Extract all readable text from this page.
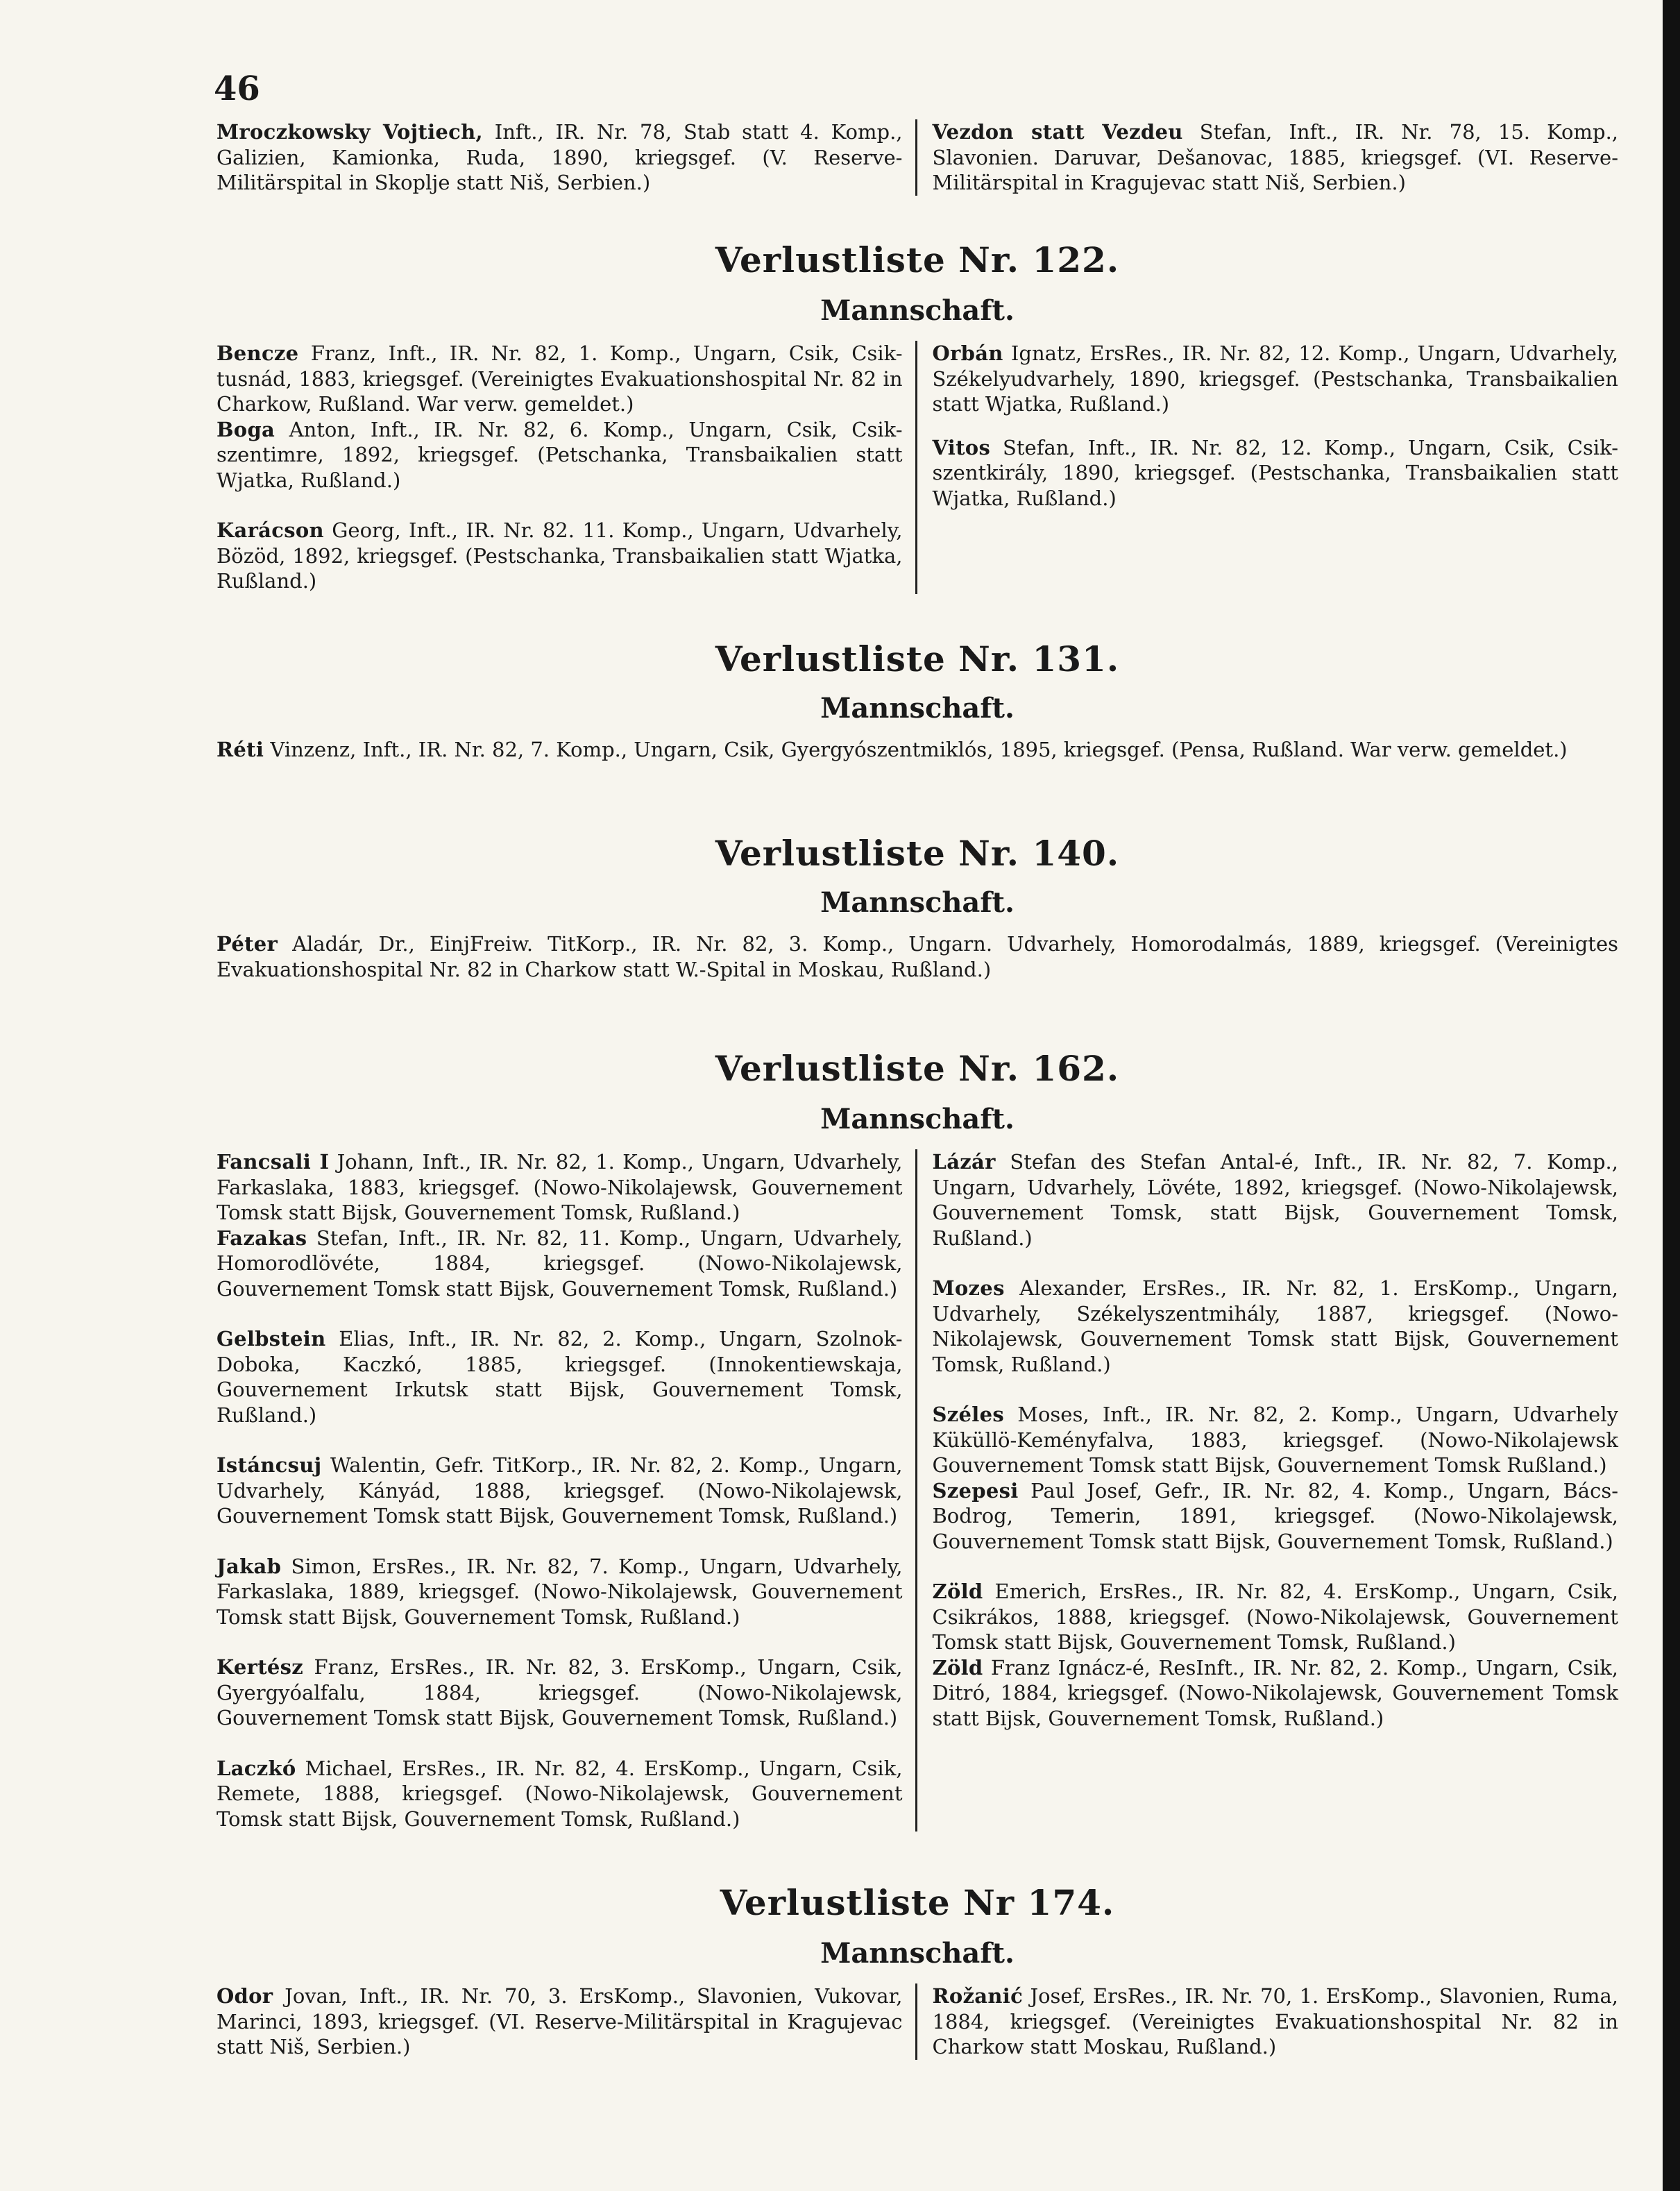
46

Mroczkowsky Vojtiech, Inft., IR. Nr. 78, Stab statt 4. Komp., Galizien, Kamionka, Ruda, 1890, kriegsgef. (V. Reserve-Militärspital in Skoplje statt Niš, Serbien.)

Vezdon statt Vezdeu Stefan, Inft., IR. Nr. 78, 15. Komp., Slavonien. Daruvar, Dešanovac, 1885, kriegsgef. (VI. Reserve-Militärspital in Kragujevac statt Niš, Serbien.)

Verlustliste Nr. 122.

Mannschaft.

Bencze Franz, Inft., IR. Nr. 82, 1. Komp., Ungarn, Csik, Csik-tusnád, 1883, kriegsgef. (Vereinigtes Evakuationshospital Nr. 82 in Charkow, Rußland. War verw. gemeldet.)

Boga Anton, Inft., IR. Nr. 82, 6. Komp., Ungarn, Csik, Csik-szentimre, 1892, kriegsgef. (Petschanka, Transbaikalien statt Wjatka, Rußland.)

Karácson Georg, Inft., IR. Nr. 82. 11. Komp., Ungarn, Udvarhely, Bözöd, 1892, kriegsgef. (Pestschanka, Transbaikalien statt Wjatka, Rußland.)

Orbán Ignatz, ErsRes., IR. Nr. 82, 12. Komp., Ungarn, Udvarhely, Székelyudvarhely, 1890, kriegsgef. (Pestschanka, Transbaikalien statt Wjatka, Rußland.)

Vitos Stefan, Inft., IR. Nr. 82, 12. Komp., Ungarn, Csik, Csik-szentkirály, 1890, kriegsgef. (Pestschanka, Transbaikalien statt Wjatka, Rußland.)

Verlustliste Nr. 131.

Mannschaft.

Réti Vinzenz, Inft., IR. Nr. 82, 7. Komp., Ungarn, Csik, Gyergyószentmiklós, 1895, kriegsgef. (Pensa, Rußland. War verw. gemeldet.)

Verlustliste Nr. 140.

Mannschaft.

Péter Aladár, Dr., EinjFreiw. TitKorp., IR. Nr. 82, 3. Komp., Ungarn. Udvarhely, Homorodalmás, 1889, kriegsgef. (Vereinigtes Evakuationshospital Nr. 82 in Charkow statt W.-Spital in Moskau, Rußland.)

Verlustliste Nr. 162.

Mannschaft.

Fancsali I Johann, Inft., IR. Nr. 82, 1. Komp., Ungarn, Udvarhely, Farkaslaka, 1883, kriegsgef. (Nowo-Nikolajewsk, Gouvernement Tomsk statt Bijsk, Gouvernement Tomsk, Rußland.)

Fazakas Stefan, Inft., IR. Nr. 82, 11. Komp., Ungarn, Udvarhely, Homorodlövéte, 1884, kriegsgef. (Nowo-Nikolajewsk, Gouvernement Tomsk statt Bijsk, Gouvernement Tomsk, Rußland.)

Gelbstein Elias, Inft., IR. Nr. 82, 2. Komp., Ungarn, Szolnok-Doboka, Kaczkó, 1885, kriegsgef. (Innokentiewskaja, Gouvernement Irkutsk statt Bijsk, Gouvernement Tomsk, Rußland.)

Istáncsuj Walentin, Gefr. TitKorp., IR. Nr. 82, 2. Komp., Ungarn, Udvarhely, Kányád, 1888, kriegsgef. (Nowo-Nikolajewsk, Gouvernement Tomsk statt Bijsk, Gouvernement Tomsk, Rußland.)

Jakab Simon, ErsRes., IR. Nr. 82, 7. Komp., Ungarn, Udvarhely, Farkaslaka, 1889, kriegsgef. (Nowo-Nikolajewsk, Gouvernement Tomsk statt Bijsk, Gouvernement Tomsk, Rußland.)

Kertész Franz, ErsRes., IR. Nr. 82, 3. ErsKomp., Ungarn, Csik, Gyergyóalfalu, 1884, kriegsgef. (Nowo-Nikolajewsk, Gouvernement Tomsk statt Bijsk, Gouvernement Tomsk, Rußland.)

Laczkó Michael, ErsRes., IR. Nr. 82, 4. ErsKomp., Ungarn, Csik, Remete, 1888, kriegsgef. (Nowo-Nikolajewsk, Gouvernement Tomsk statt Bijsk, Gouvernement Tomsk, Rußland.)

Lázár Stefan des Stefan Antal-é, Inft., IR. Nr. 82, 7. Komp., Ungarn, Udvarhely, Lövéte, 1892, kriegsgef. (Nowo-Nikolajewsk, Gouvernement Tomsk, statt Bijsk, Gouvernement Tomsk, Rußland.)

Mozes Alexander, ErsRes., IR. Nr. 82, 1. ErsKomp., Ungarn, Udvarhely, Székelyszentmihály, 1887, kriegsgef. (Nowo-Nikolajewsk, Gouvernement Tomsk statt Bijsk, Gouvernement Tomsk, Rußland.)

Széles Moses, Inft., IR. Nr. 82, 2. Komp., Ungarn, Udvarhely Küküllö-Keményfalva, 1883, kriegsgef. (Nowo-Nikolajewsk Gouvernement Tomsk statt Bijsk, Gouvernement Tomsk Rußland.)

Szepesi Paul Josef, Gefr., IR. Nr. 82, 4. Komp., Ungarn, Bács-Bodrog, Temerin, 1891, kriegsgef. (Nowo-Nikolajewsk, Gouvernement Tomsk statt Bijsk, Gouvernement Tomsk, Rußland.)

Zöld Emerich, ErsRes., IR. Nr. 82, 4. ErsKomp., Ungarn, Csik, Csikrákos, 1888, kriegsgef. (Nowo-Nikolajewsk, Gouvernement Tomsk statt Bijsk, Gouvernement Tomsk, Rußland.)

Zöld Franz Ignácz-é, ResInft., IR. Nr. 82, 2. Komp., Ungarn, Csik, Ditró, 1884, kriegsgef. (Nowo-Nikolajewsk, Gouvernement Tomsk statt Bijsk, Gouvernement Tomsk, Rußland.)

Verlustliste Nr 174.

Mannschaft.

Odor Jovan, Inft., IR. Nr. 70, 3. ErsKomp., Slavonien, Vukovar, Marinci, 1893, kriegsgef. (VI. Reserve-Militärspital in Kragujevac statt Niš, Serbien.)

Rožanić Josef, ErsRes., IR. Nr. 70, 1. ErsKomp., Slavonien, Ruma, 1884, kriegsgef. (Vereinigtes Evakuationshospital Nr. 82 in Charkow statt Moskau, Rußland.)
